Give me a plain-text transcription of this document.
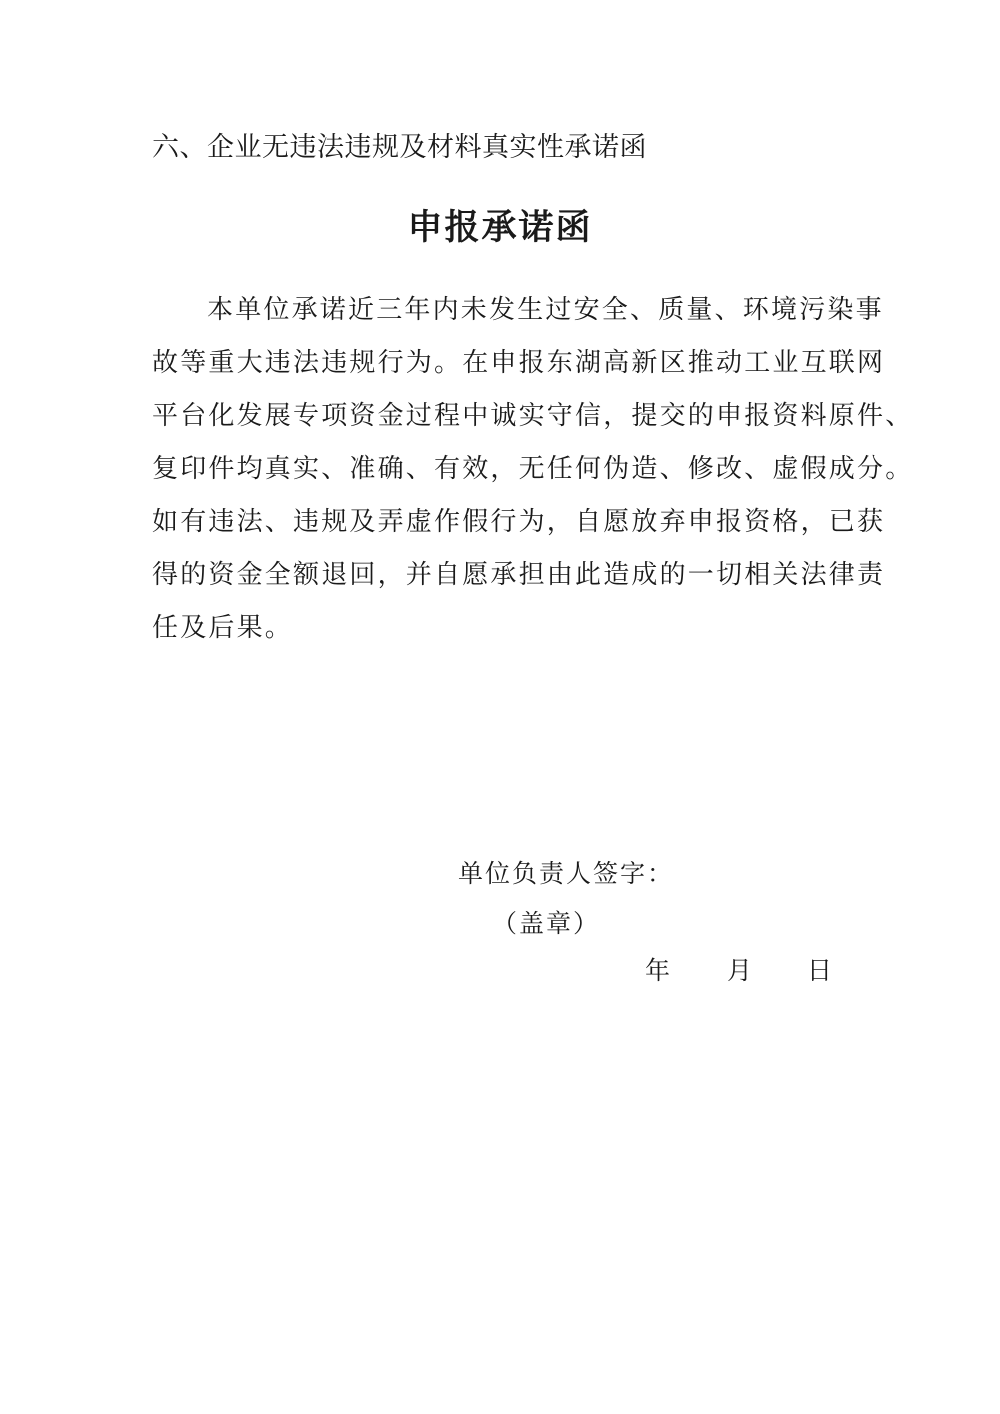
六、企业无违法违规及材料真实性承诺函
申报承诺函
本单位承诺近三年内未发生过安全、质量、环境污染事
故等重大违法违规行为。在申报东湖高新区推动工业互联网
平台化发展专项资金过程中诚实守信，提交的申报资料原件、
复印件均真实、准确、有效，无任何伪造、修改、虚假成分。
如有违法、违规及弄虚作假行为，自愿放弃申报资格，已获
得的资金全额退回，并自愿承担由此造成的一切相关法律责
任及后果。
单位负责人签字：
（盖章）
年 月 日
